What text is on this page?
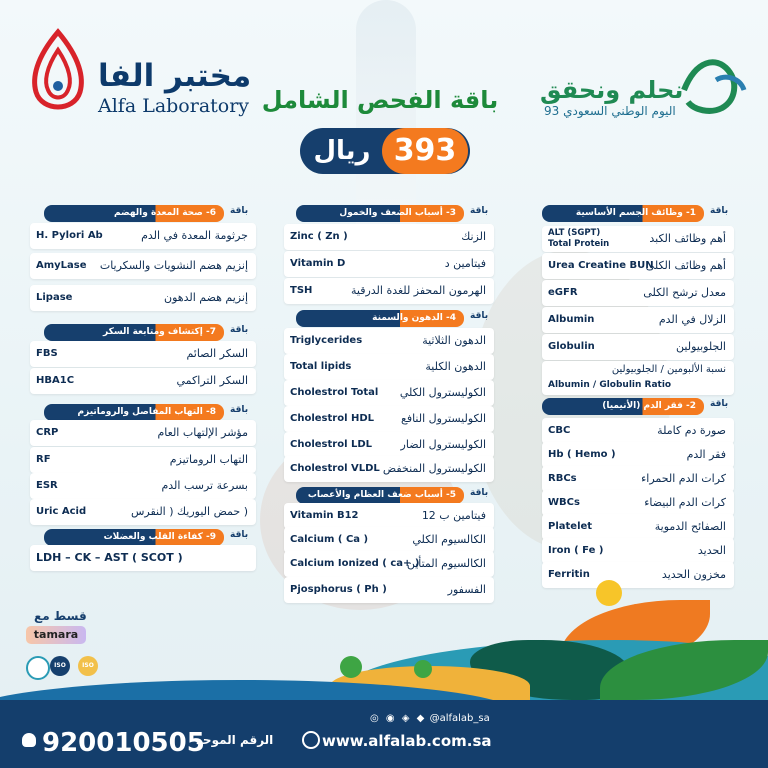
مختبر الفا
Alfa Laboratory باقة الفحص الشامل
ريال 393
نحلم ونحقق
اليوم الوطني السعودي 93
1- وظائف الجسم الأساسية باقة
ALT (SGPT)
Total Protein	أهم وظائف الكبد
Urea Creatine BUN
أهم وظائف الكلى
eGFR	معدل ترشح الكلى
Albumin	الزلال في الدم
Globulin	الجلوبيولين
Albumin / Globulin Ratio
نسبة الألبومين / الجلوبيولين
2- فقر الدم (الأنيميا) باقة
CBC	صورة دم كاملة
Hb ( Hemo )	فقر الدم
RBCs	كرات الدم الحمراء
WBCs	كرات الدم البيضاء
Platelet	الصفائح الدموية
Iron ( Fe )	الحديد
Ferritin	مخزون الحديد
3- أسباب الضعف والخمول باقة
Zinc ( Zn )	الزنك
Vitamin D	فيتامين د
TSH	الهرمون المحفز للغدة الدرقية
4- الدهون والسمنة باقة
Triglycerides	الدهون الثلاثية
Total lipids	الدهون الكلية
Cholestrol Total الكوليسترول الكلي
Cholestrol HDL الكوليسترول النافع
Cholestrol LDL	الكوليسترول الضار
Cholestrol VLDL الكوليسترول المنخفض
5- أسباب ضعف العظام والأعصاب باقة
Vitamin B12	فيتامين ب 12
Calcium ( Ca )	الكالسيوم الكلي
Calcium Ionized ( ca+ )
الكالسيوم المتأين
Pjosphorus ( Ph )	الفسفور
6- صحة المعدة والهضم باقة
H. Pylori Ab	جرثومة المعدة في الدم
AmyLase إنزيم هضم النشويات والسكريات
Lipase	إنزيم هضم الدهون
7- إكتشاف ومتابعة السكر باقة
FBS	السكر الصائم
HBA1C	السكر التراكمي
8- التهاب المفاصل والروماتيزم باقة
CRP	مؤشر الإلتهاب العام
RF	التهاب الروماتيزم
ESR	بسرعة ترسب الدم
Uric Acid	( حمض اليوريك ( النقرس
9- كفاءة القلب والعضلات باقة
LDH – CK – AST ( SCOT )
قسط مع
tamara
ISO	ISO
◎ ◉ ◈ ◆ @alfalab_sa
www.alfalab.com.sa
920010505
الرقم الموحد
